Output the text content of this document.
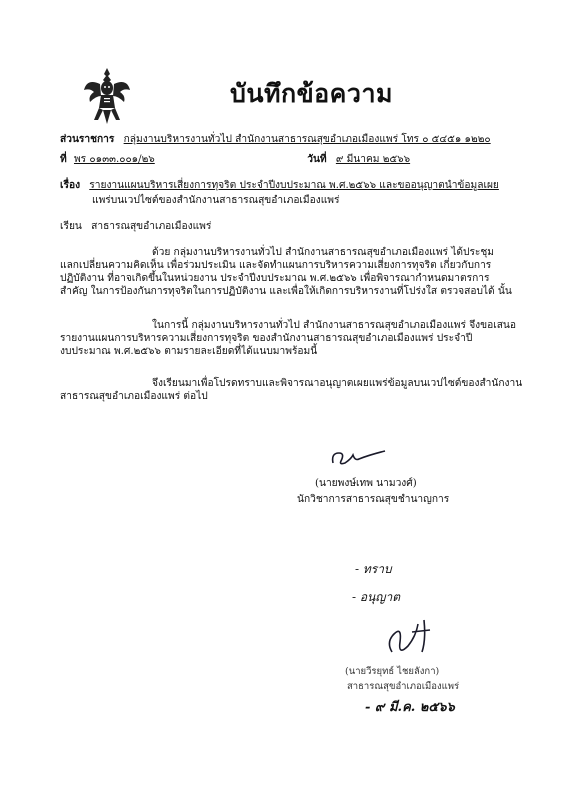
บันทึกข้อความ
ส่วนราชการ กลุ่มงานบริหารงานทั่วไป สำนักงานสาธารณสุขอำเภอเมืองแพร่ โทร ๐ ๕๔๕๑ ๑๒๒๐
ที่ พร ๐๑๓๓.๐๐๑/๒๖	วันที่ ๙ มีนาคม ๒๕๖๖
เรื่อง รายงานแผนบริหารเสี่ยงการทุจริต ประจำปีงบประมาณ พ.ศ.๒๕๖๖ และขออนุญาตนำข้อมูลเผย
แพร่บนเวปไซต์ของสำนักงานสาธารณสุขอำเภอเมืองแพร่
เรียน สาธารณสุขอำเภอเมืองแพร่
ด้วย กลุ่มงานบริหารงานทั่วไป สำนักงานสาธารณสุขอำเภอเมืองแพร่ ได้ประชุม
แลกเปลี่ยนความคิดเห็น เพื่อร่วมประเมิน และจัดทำแผนการบริหารความเสี่ยงการทุจริต เกี่ยวกับการ
ปฏิบัติงาน ที่อาจเกิดขึ้นในหน่วยงาน ประจำปีงบประมาณ พ.ศ.๒๕๖๖ เพื่อพิจารณากำหนดมาตรการ
สำคัญ ในการป้องกันการทุจริตในการปฏิบัติงาน และเพื่อให้เกิดการบริหารงานที่โปร่งใส ตรวจสอบได้ นั้น
ในการนี้ กลุ่มงานบริหารงานทั่วไป สำนักงานสาธารณสุขอำเภอเมืองแพร่ จึงขอเสนอ
รายงานแผนการบริหารความเสี่ยงการทุจริต ของสำนักงานสาธารณสุขอำเภอเมืองแพร่ ประจำปี
งบประมาณ พ.ศ.๒๕๖๖ ตามรายละเอียดที่ได้แนบมาพร้อมนี้
จึงเรียนมาเพื่อโปรดทราบและพิจารณาอนุญาตเผยแพร่ข้อมูลบนเวปไซต์ของสำนักงาน
สาธารณสุขอำเภอเมืองแพร่ ต่อไป
(นายพงษ์เทพ นามวงศ์)
นักวิชาการสาธารณสุขชำนาญการ
- ทราบ
- อนุญาต
(นายวีรยุทธ์ ไชยลังกา)
สาธารณสุขอำเภอเมืองแพร่
- ๙ มี.ค. ๒๕๖๖
